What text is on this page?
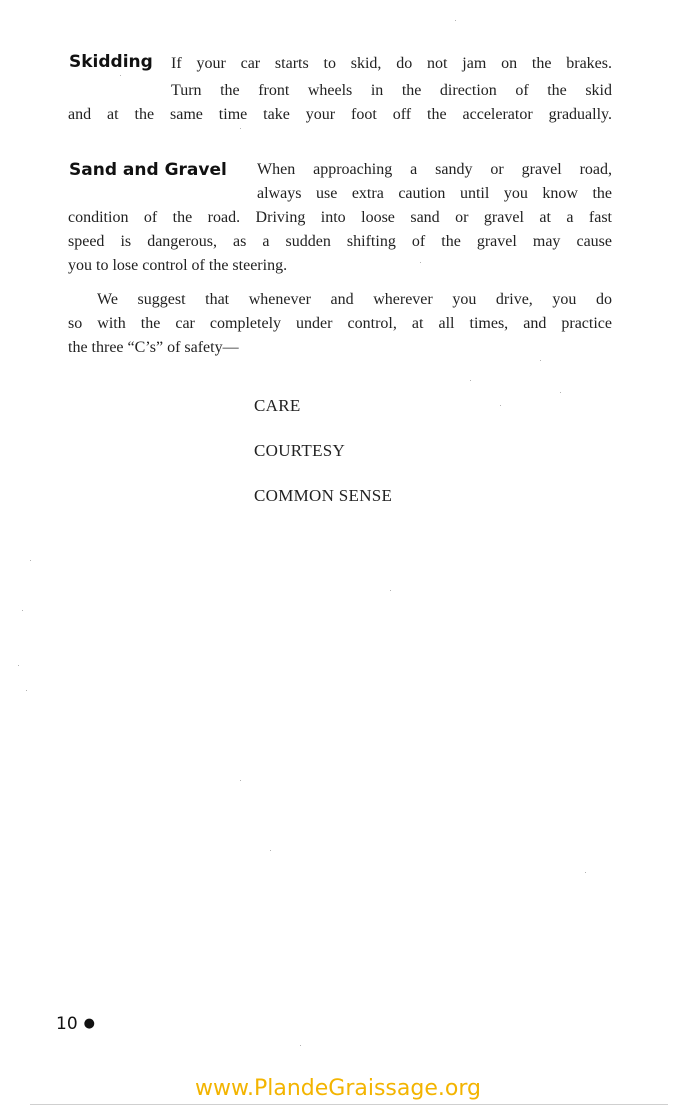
Skidding If your car starts to skid, do not jam on the brakes.
Turn the front wheels in the direction of the skid
and at the same time take your foot off the accelerator gradually.
Sand and Gravel When approaching a sandy or gravel road,
always use extra caution until you know the
condition of the road. Driving into loose sand or gravel at a fast
speed is dangerous, as a sudden shifting of the gravel may cause
you to lose control of the steering.
We suggest that whenever and wherever you drive, you do
so with the car completely under control, at all times, and practice
the three “C’s” of safety—
CARE
COURTESY
COMMON SENSE
10 ●
www.PlandeGraissage.org
